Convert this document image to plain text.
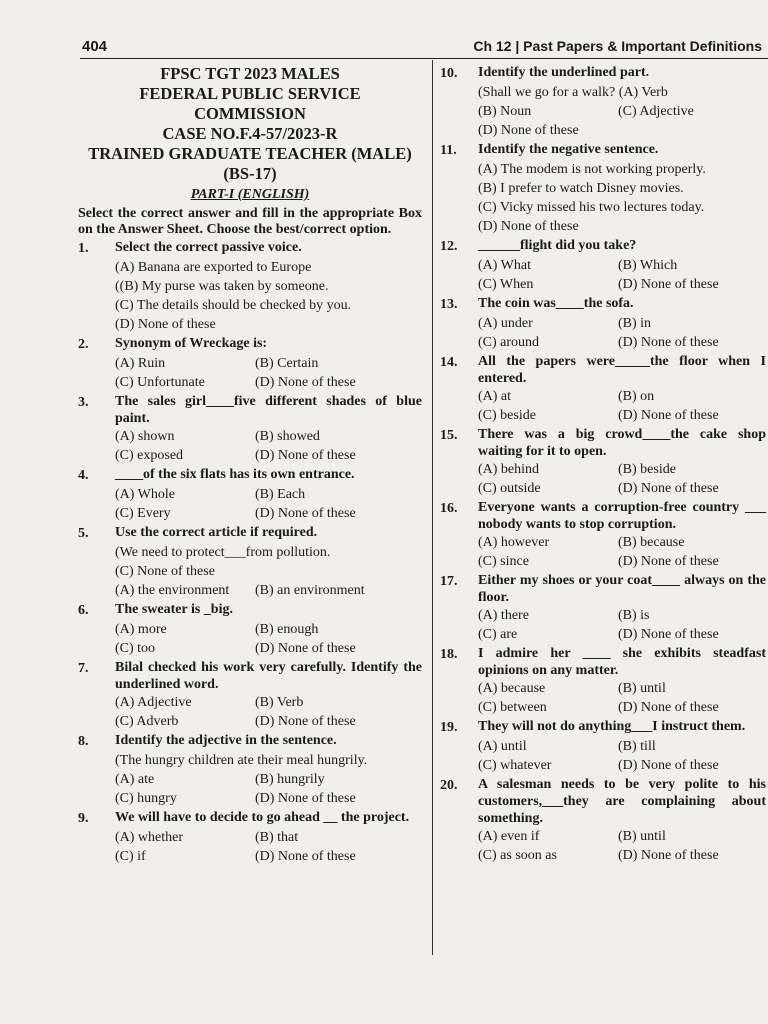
404	Ch 12 | Past Papers & Important Definitions
FPSC TGT 2023 MALES
FEDERAL PUBLIC SERVICE
COMMISSION
CASE NO.F.4-57/2023-R
TRAINED GRADUATE TEACHER (MALE)
(BS-17)
PART-I (ENGLISH)
Select the correct answer and fill in the appropriate Box on the Answer Sheet. Choose the best/correct option.
1.	Select the correct passive voice.
(A) Banana are exported to Europe
((B) My purse was taken by someone.
(C) The details should be checked by you.
(D) None of these
2.	Synonym of Wreckage is:
(A) Ruin	(B) Certain
(C) Unfortunate	(D) None of these
3.	The sales girl____five different shades of blue paint.
(A) shown	(B) showed
(C) exposed	(D) None of these
4.	____of the six flats has its own entrance.
(A) Whole	(B) Each
(C) Every	(D) None of these
5.	Use the correct article if required.
(We need to protect___from pollution.
(C) None of these
(A) the environment	(B) an environment
6.	The sweater is _big.
(A) more	(B) enough
(C) too	(D) None of these
7.	Bilal checked his work very carefully. Identify the underlined word.
(A) Adjective	(B) Verb
(C) Adverb	(D) None of these
8.	Identify the adjective in the sentence.
(The hungry children ate their meal hungrily.
(A) ate	(B) hungrily
(C) hungry	(D) None of these
9.	We will have to decide to go ahead __ the project.
(A) whether	(B) that
(C) if	(D) None of these
10.	Identify the underlined part.
(Shall we go for a walk? (A) Verb
(B) Noun	(C) Adjective
(D) None of these
11.	Identify the negative sentence.
(A) The modem is not working properly.
(B) I prefer to watch Disney movies.
(C) Vicky missed his two lectures today.
(D) None of these
12.	______flight did you take?
(A) What	(B) Which
(C) When	(D) None of these
13.	The coin was____the sofa.
(A) under	(B) in
(C) around	(D) None of these
14.	All the papers were_____the floor when I entered.
(A) at	(B) on
(C) beside	(D) None of these
15.	There was a big crowd____the cake shop waiting for it to open.
(A) behind	(B) beside
(C) outside	(D) None of these
16.	Everyone wants a corruption-free country ___ nobody wants to stop corruption.
(A) however	(B) because
(C) since	(D) None of these
17.	Either my shoes or your coat____ always on the floor.
(A) there	(B) is
(C) are	(D) None of these
18.	I admire her ____ she exhibits steadfast opinions on any matter.
(A) because	(B) until
(C) between	(D) None of these
19.	They will not do anything___I instruct them.
(A) until	(B) till
(C) whatever	(D) None of these
20.	A salesman needs to be very polite to his customers,___they are complaining about something.
(A) even if	(B) until
(C) as soon as	(D) None of these
